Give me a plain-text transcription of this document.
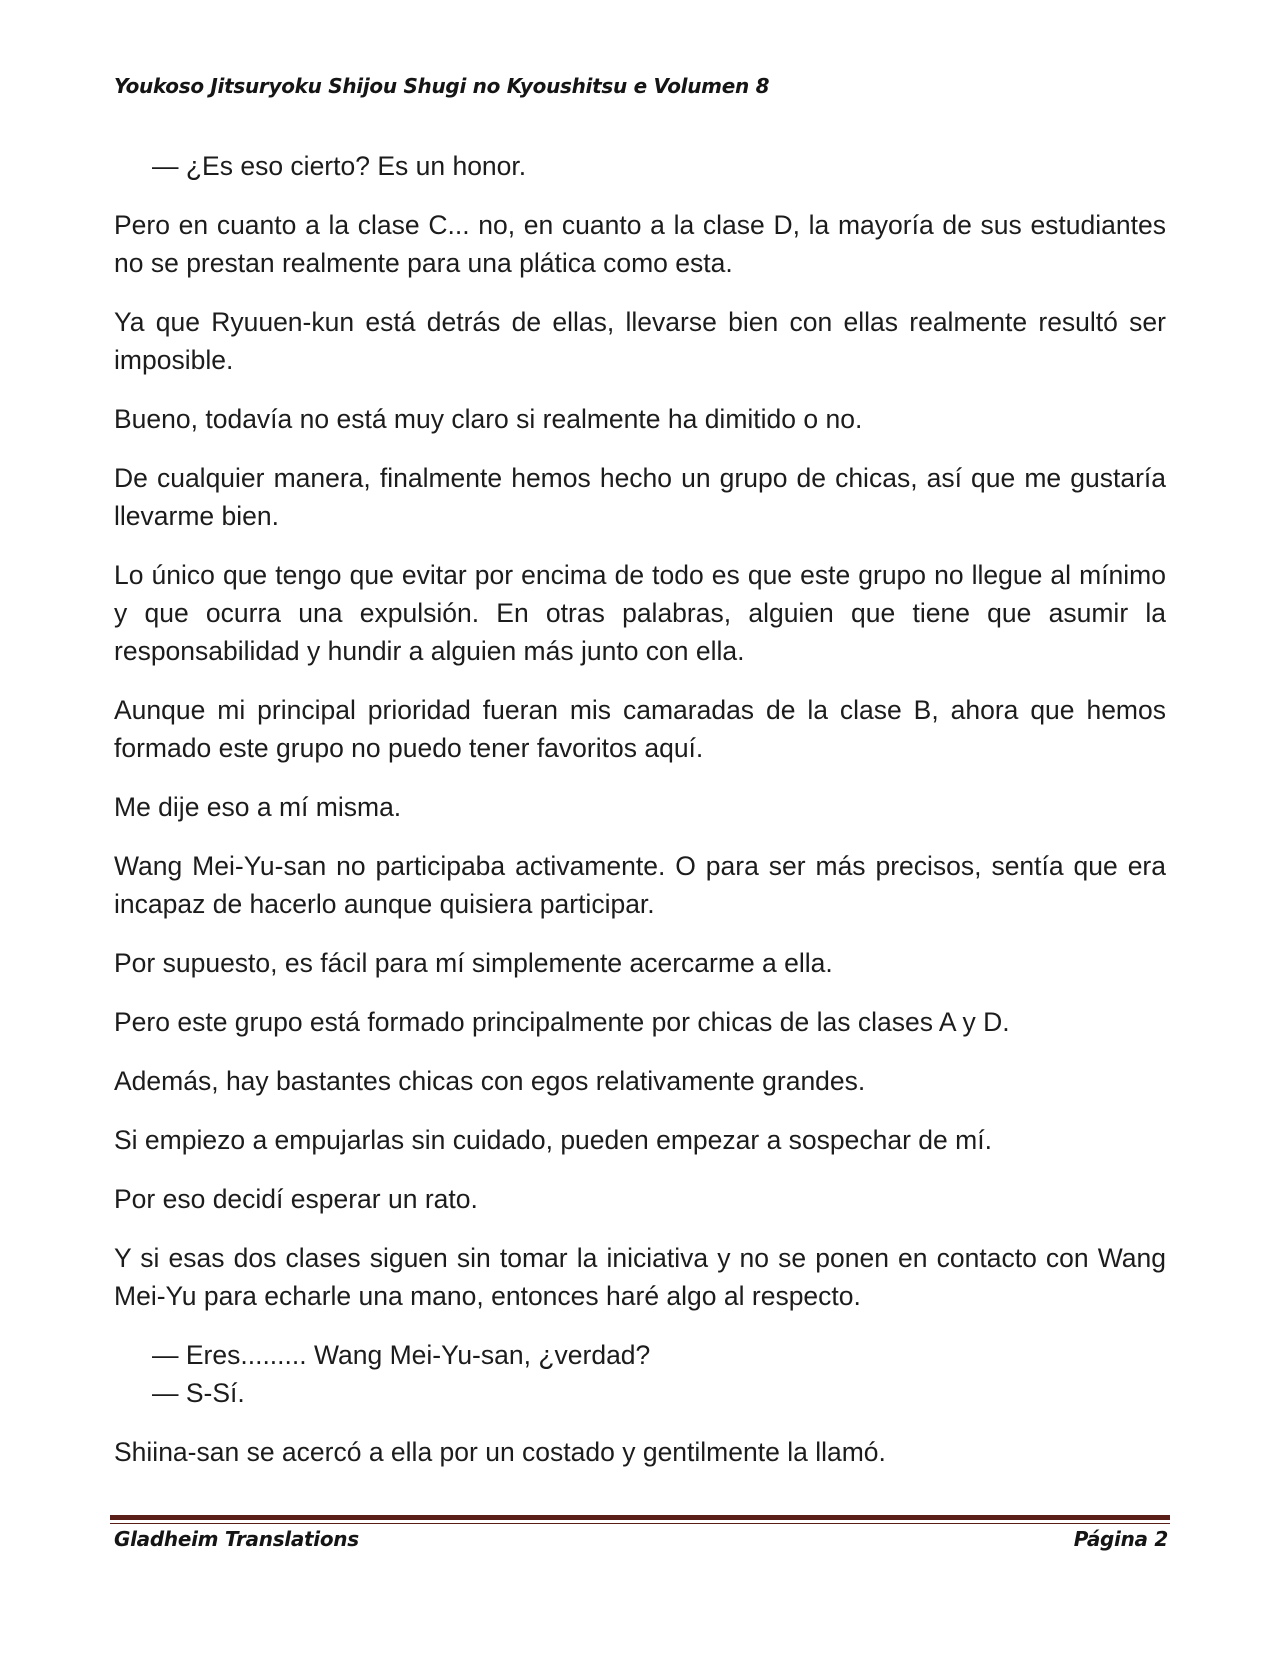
Youkoso Jitsuryoku Shijou Shugi no Kyoushitsu e Volumen 8

— ¿Es eso cierto? Es un honor.

Pero en cuanto a la clase C... no, en cuanto a la clase D, la mayoría de sus estudiantes no se prestan realmente para una plática como esta.

Ya que Ryuuen-kun está detrás de ellas, llevarse bien con ellas realmente resultó ser imposible.

Bueno, todavía no está muy claro si realmente ha dimitido o no.

De cualquier manera, finalmente hemos hecho un grupo de chicas, así que me gustaría llevarme bien.

Lo único que tengo que evitar por encima de todo es que este grupo no llegue al mínimo y que ocurra una expulsión. En otras palabras, alguien que tiene que asumir la responsabilidad y hundir a alguien más junto con ella.

Aunque mi principal prioridad fueran mis camaradas de la clase B, ahora que hemos formado este grupo no puedo tener favoritos aquí.

Me dije eso a mí misma.

Wang Mei-Yu-san no participaba activamente. O para ser más precisos, sentía que era incapaz de hacerlo aunque quisiera participar.

Por supuesto, es fácil para mí simplemente acercarme a ella.

Pero este grupo está formado principalmente por chicas de las clases A y D.

Además, hay bastantes chicas con egos relativamente grandes.

Si empiezo a empujarlas sin cuidado, pueden empezar a sospechar de mí.

Por eso decidí esperar un rato.

Y si esas dos clases siguen sin tomar la iniciativa y no se ponen en contacto con Wang Mei-Yu para echarle una mano, entonces haré algo al respecto.

— Eres......... Wang Mei-Yu-san, ¿verdad?

— S-Sí.

Shiina-san se acercó a ella por un costado y gentilmente la llamó.

Gladheim Translations	Página 2
